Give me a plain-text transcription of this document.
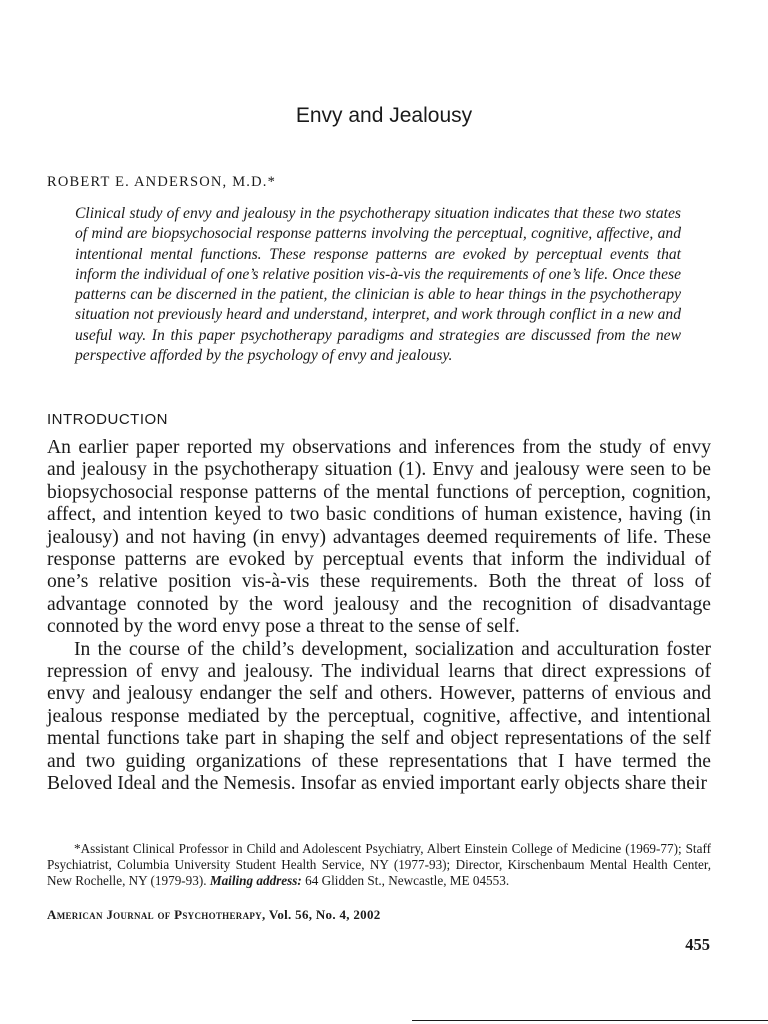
Envy and Jealousy
ROBERT E. ANDERSON, M.D.*
Clinical study of envy and jealousy in the psychotherapy situation indicates that these two states of mind are biopsychosocial response patterns involving the perceptual, cognitive, affective, and intentional mental functions. These response patterns are evoked by perceptual events that inform the individual of one’s relative position vis-à-vis the requirements of one’s life. Once these patterns can be discerned in the patient, the clinician is able to hear things in the psychotherapy situation not previously heard and understand, interpret, and work through conflict in a new and useful way. In this paper psychotherapy paradigms and strategies are discussed from the new perspective afforded by the psychology of envy and jealousy.
INTRODUCTION

An earlier paper reported my observations and inferences from the study of envy and jealousy in the psychotherapy situation (1). Envy and jealousy were seen to be biopsychosocial response patterns of the mental functions of perception, cognition, affect, and intention keyed to two basic conditions of human existence, having (in jealousy) and not having (in envy) advantages deemed requirements of life. These response patterns are evoked by perceptual events that inform the individual of one’s relative position vis-à-vis these requirements. Both the threat of loss of advantage connoted by the word jealousy and the recognition of disadvantage connoted by the word envy pose a threat to the sense of self.

In the course of the child’s development, socialization and acculturation foster repression of envy and jealousy. The individual learns that direct expressions of envy and jealousy endanger the self and others. However, patterns of envious and jealous response mediated by the perceptual, cognitive, affective, and intentional mental functions take part in shaping the self and object representations of the self and two guiding organizations of these representations that I have termed the Beloved Ideal and the Nemesis. Insofar as envied important early objects share their

*Assistant Clinical Professor in Child and Adolescent Psychiatry, Albert Einstein College of Medicine (1969-77); Staff Psychiatrist, Columbia University Student Health Service, NY (1977-93); Director, Kirschenbaum Mental Health Center, New Rochelle, NY (1979-93). Mailing address: 64 Glidden St., Newcastle, ME 04553.
American Journal of Psychotherapy, Vol. 56, No. 4, 2002
455
